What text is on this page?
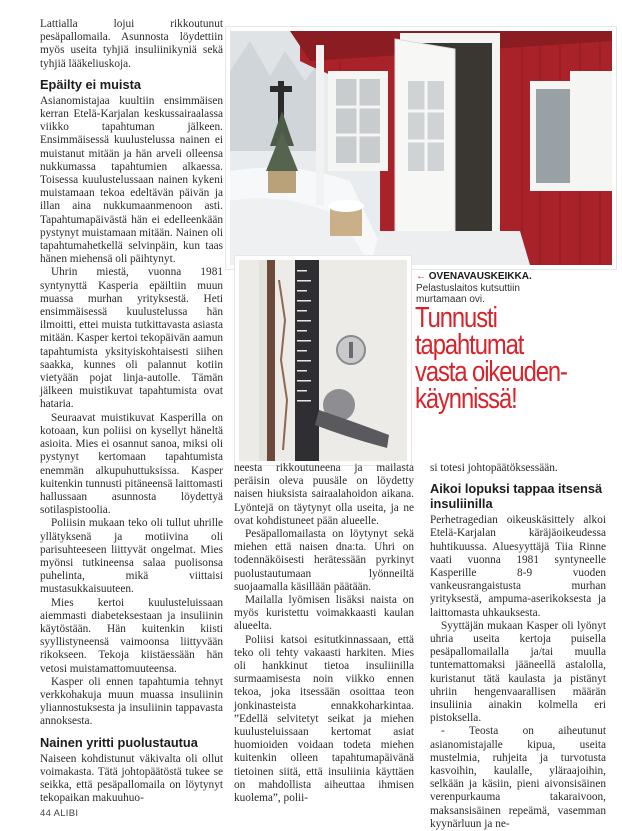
Lattialla lojui rikkoutunut pesäpallomaila. Asunnosta löydettiin myös useita tyhjiä insuliinikyniä sekä tyhjiä lääkeliuskoja.

Epäilty ei muista

Asianomistajaa kuultiin ensimmäisen kerran Etelä-Karjalan keskussairaalassa viikko tapahtuman jälkeen. Ensimmäisessä kuulustelussa nainen ei muistanut mitään ja hän arveli olleensa nukkumassa tapahtumien alkaessa. Toisessa kuulustelussaan nainen kykeni muistamaan tekoa edeltävän päivän ja illan aina nukkumaanmenoon asti. Tapahtumapäivästä hän ei edelleenkään pystynyt muistamaan mitään. Nainen oli tapahtumahetkellä selvinpäin, kun taas hänen miehensä oli päihtynyt.

Uhrin miestä, vuonna 1981 syntynyttä Kasperia epäiltiin muun muassa murhan yrityksestä. Heti ensimmäisessä kuulustelussa hän ilmoitti, ettei muista tutkittavasta asiasta mitään. Kasper kertoi tekopäivän aamun tapahtumista yksityiskohtaisesti siihen saakka, kunnes oli palannut kotiin vietyään pojat linja-autolle. Tämän jälkeen muistikuvat tapahtumista ovat hataria.

Seuraavat muistikuvat Kasperilla on kotoaan, kun poliisi on kysellyt häneltä asioita. Mies ei osannut sanoa, miksi oli pystynyt kertomaan tapahtumista enemmän alkupuhuttuksissa. Kasper kuitenkin tunnusti pitäneensä laittomasti hallussaan asunnosta löydettyä sotilaspistoolia.

Poliisin mukaan teko oli tullut uhrille yllätyksenä ja motiivina oli parisuhteeseen liittyvät ongelmat. Mies myönsi tutkineensa salaa puolisonsa puhelinta, mikä viittaisi mustasukkaisuuteen.

Mies kertoi kuulusteluissaan aiemmasti diabeteksestaan ja insuliinin käytöstään. Hän kuitenkin kiisti syyllistyneensä vaimoonsa liittyvään rikokseen. Tekoja kiistäessään hän vetosi muistamattomuuteensa.

Kasper oli ennen tapahtumia tehnyt verkkohakuja muun muassa insuliinin yliannostuksesta ja insuliinin tappavasta annoksesta.

Nainen yritti puolustautua

Naiseen kohdistunut väkivalta oli ollut voimakasta. Tätä johtopäätöstä tukee se seikka, että pesäpallomaila on löytynyt tekopaikan makuuhuo-

← OVENAVAUSKEIKKA.
Pelastuslaitos kutsuttiin
murtamaan ovi.
Tunnusti
tapahtumat
vasta oikeuden-
käynnissä!

neesta rikkoutuneena ja mailasta peräisin oleva puusäle on löydetty naisen hiuksista sairaalahoidon aikana. Lyöntejä on täytynyt olla useita, ja ne ovat kohdistuneet pään alueelle.

Pesäpallomailasta on löytynyt sekä miehen että naisen dna:ta. Uhri on todennäköisesti herätessään pyrkinyt puolustautumaan lyönneiltä suojaamalla käsillään päätään.

Mailalla lyömisen lisäksi naista on myös kuristettu voimakkaasti kaulan alueelta.

Poliisi katsoi esitutkinnassaan, että teko oli tehty vakaasti harkiten. Mies oli hankkinut tietoa insuliinilla surmaamisesta noin viikko ennen tekoa, joka itsessään osoittaa teon jonkinasteista ennakkoharkintaa. ”Edellä selvitetyt seikat ja miehen kuulusteluissaan kertomat asiat huomioiden voidaan todeta miehen kuitenkin olleen tapahtumapäivänä tietoinen siitä, että insuliinia käyttäen on mahdollista aiheuttaa ihmisen kuolema”, polii-

si totesi johtopäätöksessään.

Aikoi lopuksi tappaa itsensä insuliinilla

Perhetragedian oikeuskäsittely alkoi Etelä-Karjalan käräjäoikeudessa huhtikuussa. Aluesyyttäjä Tiia Rinne vaati vuonna 1981 syntyneelle Kasperille 8-9 vuoden vankeusrangaistusta murhan yrityksestä, ampuma-aserikoksesta ja laittomasta uhkauksesta.

Syyttäjän mukaan Kasper oli lyönyt uhria useita kertoja puisella pesäpallomailalla ja/tai muulla tuntemattomaksi jääneellä astalolla, kuristanut tätä kaulasta ja pistänyt uhriin hengenvaarallisen määrän insuliinia ainakin kolmella eri pistoksella.

- Teosta on aiheutunut asianomistajalle kipua, useita mustelmia, ruhjeita ja turvotusta kasvoihin, kaulalle, yläraajoihin, selkään ja käsiin, pieni aivonsisäinen verenpurkauma takaraivoon, maksansisäinen repeämä, vasemman kyynärluun ja ne-

44 ALIBI
